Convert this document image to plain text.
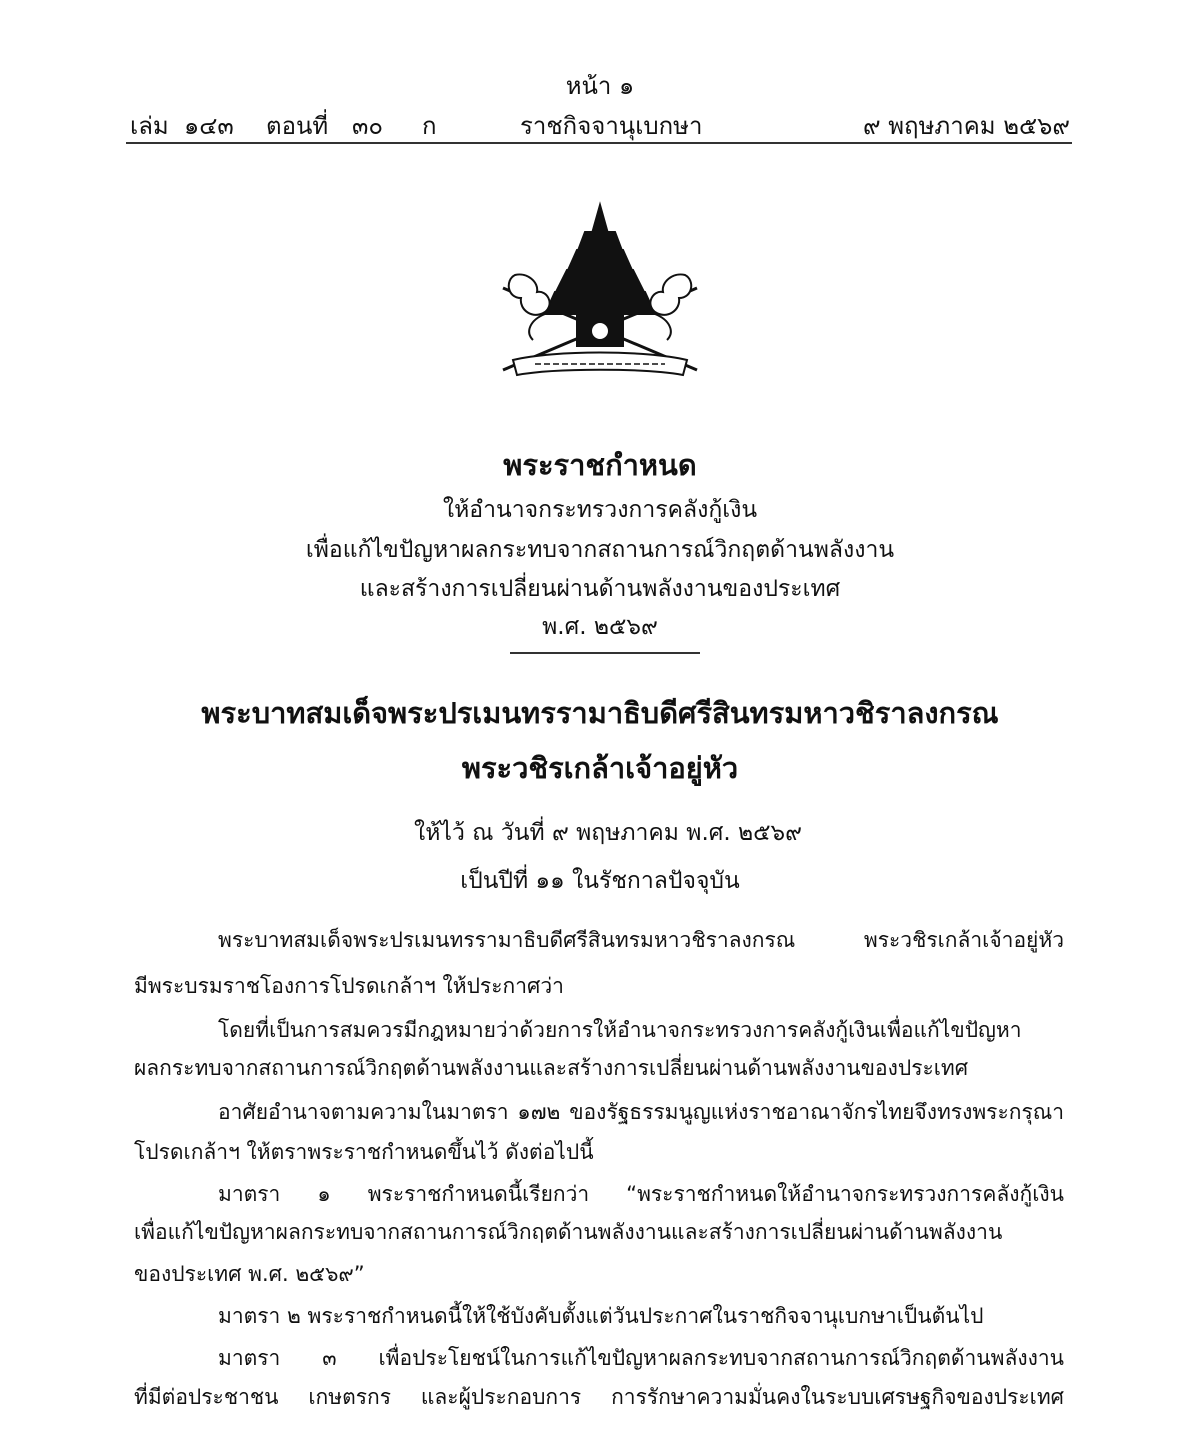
หน้า ๑
เล่ม ๑๔๓ ตอนที่ ๓๐ ก	ราชกิจจานุเบกษา	๙ พฤษภาคม ๒๕๖๙
พระราชกำหนด
ให้อำนาจกระทรวงการคลังกู้เงิน
เพื่อแก้ไขปัญหาผลกระทบจากสถานการณ์วิกฤตด้านพลังงาน
และสร้างการเปลี่ยนผ่านด้านพลังงานของประเทศ
พ.ศ. ๒๕๖๙
พระบาทสมเด็จพระปรเมนทรรามาธิบดีศรีสินทรมหาวชิราลงกรณ
พระวชิรเกล้าเจ้าอยู่หัว
ให้ไว้ ณ วันที่ ๙ พฤษภาคม พ.ศ. ๒๕๖๙
เป็นปีที่ ๑๑ ในรัชกาลปัจจุบัน
พระบาทสมเด็จพระปรเมนทรรามาธิบดีศรีสินทรมหาวชิราลงกรณ พระวชิรเกล้าเจ้าอยู่หัว
มีพระบรมราชโองการโปรดเกล้าฯ ให้ประกาศว่า
โดยที่เป็นการสมควรมีกฎหมายว่าด้วยการให้อำนาจกระทรวงการคลังกู้เงินเพื่อแก้ไขปัญหา
ผลกระทบจากสถานการณ์วิกฤตด้านพลังงานและสร้างการเปลี่ยนผ่านด้านพลังงานของประเทศ
อาศัยอำนาจตามความในมาตรา ๑๗๒ ของรัฐธรรมนูญแห่งราชอาณาจักรไทยจึงทรงพระกรุณา
โปรดเกล้าฯ ให้ตราพระราชกำหนดขึ้นไว้ ดังต่อไปนี้
มาตรา ๑ พระราชกำหนดนี้เรียกว่า “พระราชกำหนดให้อำนาจกระทรวงการคลังกู้เงิน
เพื่อแก้ไขปัญหาผลกระทบจากสถานการณ์วิกฤตด้านพลังงานและสร้างการเปลี่ยนผ่านด้านพลังงาน
ของประเทศ พ.ศ. ๒๕๖๙”
มาตรา ๒ พระราชกำหนดนี้ให้ใช้บังคับตั้งแต่วันประกาศในราชกิจจานุเบกษาเป็นต้นไป
มาตรา ๓ เพื่อประโยชน์ในการแก้ไขปัญหาผลกระทบจากสถานการณ์วิกฤตด้านพลังงาน
ที่มีต่อประชาชน เกษตรกร และผู้ประกอบการ การรักษาความมั่นคงในระบบเศรษฐกิจของประเทศ
